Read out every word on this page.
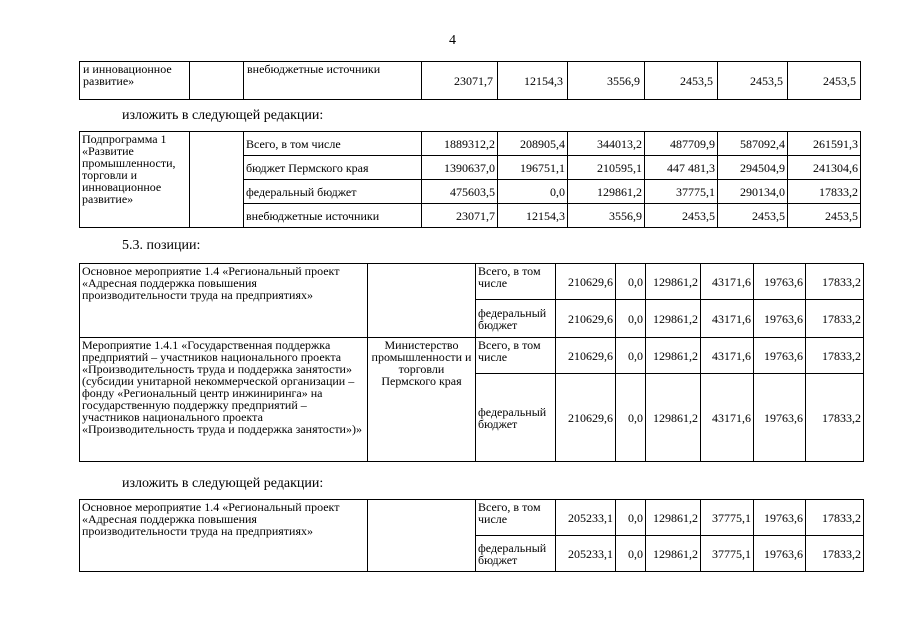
4
и инновационное развитие»		внебюджетные источники	23071,7	12154,3	3556,9	2453,5	2453,5	2453,5
изложить в следующей редакции:
Подпрограмма 1 «Развитие промышленности, торговли и инновационное развитие»		Всего, в том числе	1889312,2	208905,4	344013,2	487709,9	587092,4	261591,3
		бюджет Пермского края	1390637,0	196751,1	210595,1	447 481,3	294504,9	241304,6
		федеральный бюджет	475603,5	0,0	129861,2	37775,1	290134,0	17833,2
		внебюджетные источники	23071,7	12154,3	3556,9	2453,5	2453,5	2453,5
5.3. позиции:
Основное мероприятие 1.4 «Региональный проект «Адресная поддержка повышения производительности труда на предприятиях»		Всего, в том числе	210629,6	0,0	129861,2	43171,6	19763,6	17833,2
		федеральный бюджет	210629,6	0,0	129861,2	43171,6	19763,6	17833,2
Мероприятие 1.4.1 «Государственная поддержка предприятий – участников национального проекта «Производительность труда и поддержка занятости» (субсидии унитарной некоммерческой организации – фонду «Региональный центр инжиниринга» на государственную поддержку предприятий – участников национального проекта «Производительность труда и поддержка занятости»)»	Министерство промышленности и торговли Пермского края	Всего, в том числе	210629,6	0,0	129861,2	43171,6	19763,6	17833,2
		федеральный бюджет	210629,6	0,0	129861,2	43171,6	19763,6	17833,2
изложить в следующей редакции:
Основное мероприятие 1.4 «Региональный проект «Адресная поддержка повышения производительности труда на предприятиях»		Всего, в том числе	205233,1	0,0	129861,2	37775,1	19763,6	17833,2
		федеральный бюджет	205233,1	0,0	129861,2	37775,1	19763,6	17833,2
